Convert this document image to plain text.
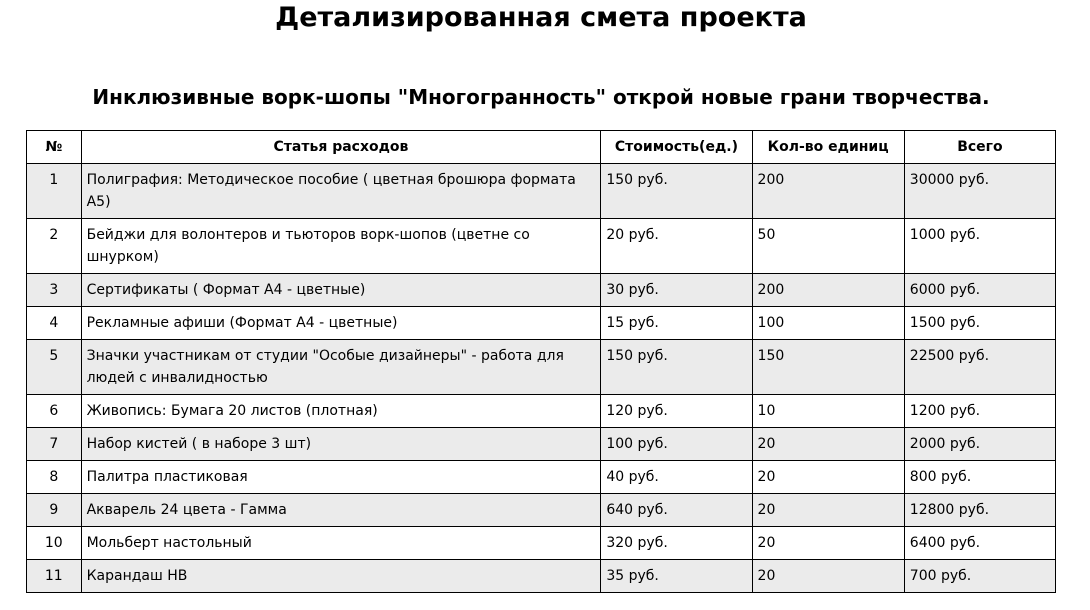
Детализированная смета проекта
Инклюзивные ворк-шопы "Многогранность" открой новые грани творчества.
№	Статья расходов	Стоимость(ед.)	Кол-во единиц	Всего
1	Полиграфия: Методическое пособие ( цветная брошюра формата А5)	150 руб.	200	30000 руб.
2	Бейджи для волонтеров и тьюторов ворк-шопов (цветне со шнурком)	20 руб.	50	1000 руб.
3	Сертификаты ( Формат А4 - цветные)	30 руб.	200	6000 руб.
4	Рекламные афиши (Формат А4 - цветные)	15 руб.	100	1500 руб.
5	Значки участникам от студии "Особые дизайнеры" - работа для людей с инвалидностью	150 руб.	150	22500 руб.
6	Живопись: Бумага 20 листов (плотная)	120 руб.	10	1200 руб.
7	Набор кистей ( в наборе 3 шт)	100 руб.	20	2000 руб.
8	Палитра пластиковая	40 руб.	20	800 руб.
9	Акварель 24 цвета - Гамма	640 руб.	20	12800 руб.
10	Мольберт настольный	320 руб.	20	6400 руб.
11	Карандаш HB	35 руб.	20	700 руб.
